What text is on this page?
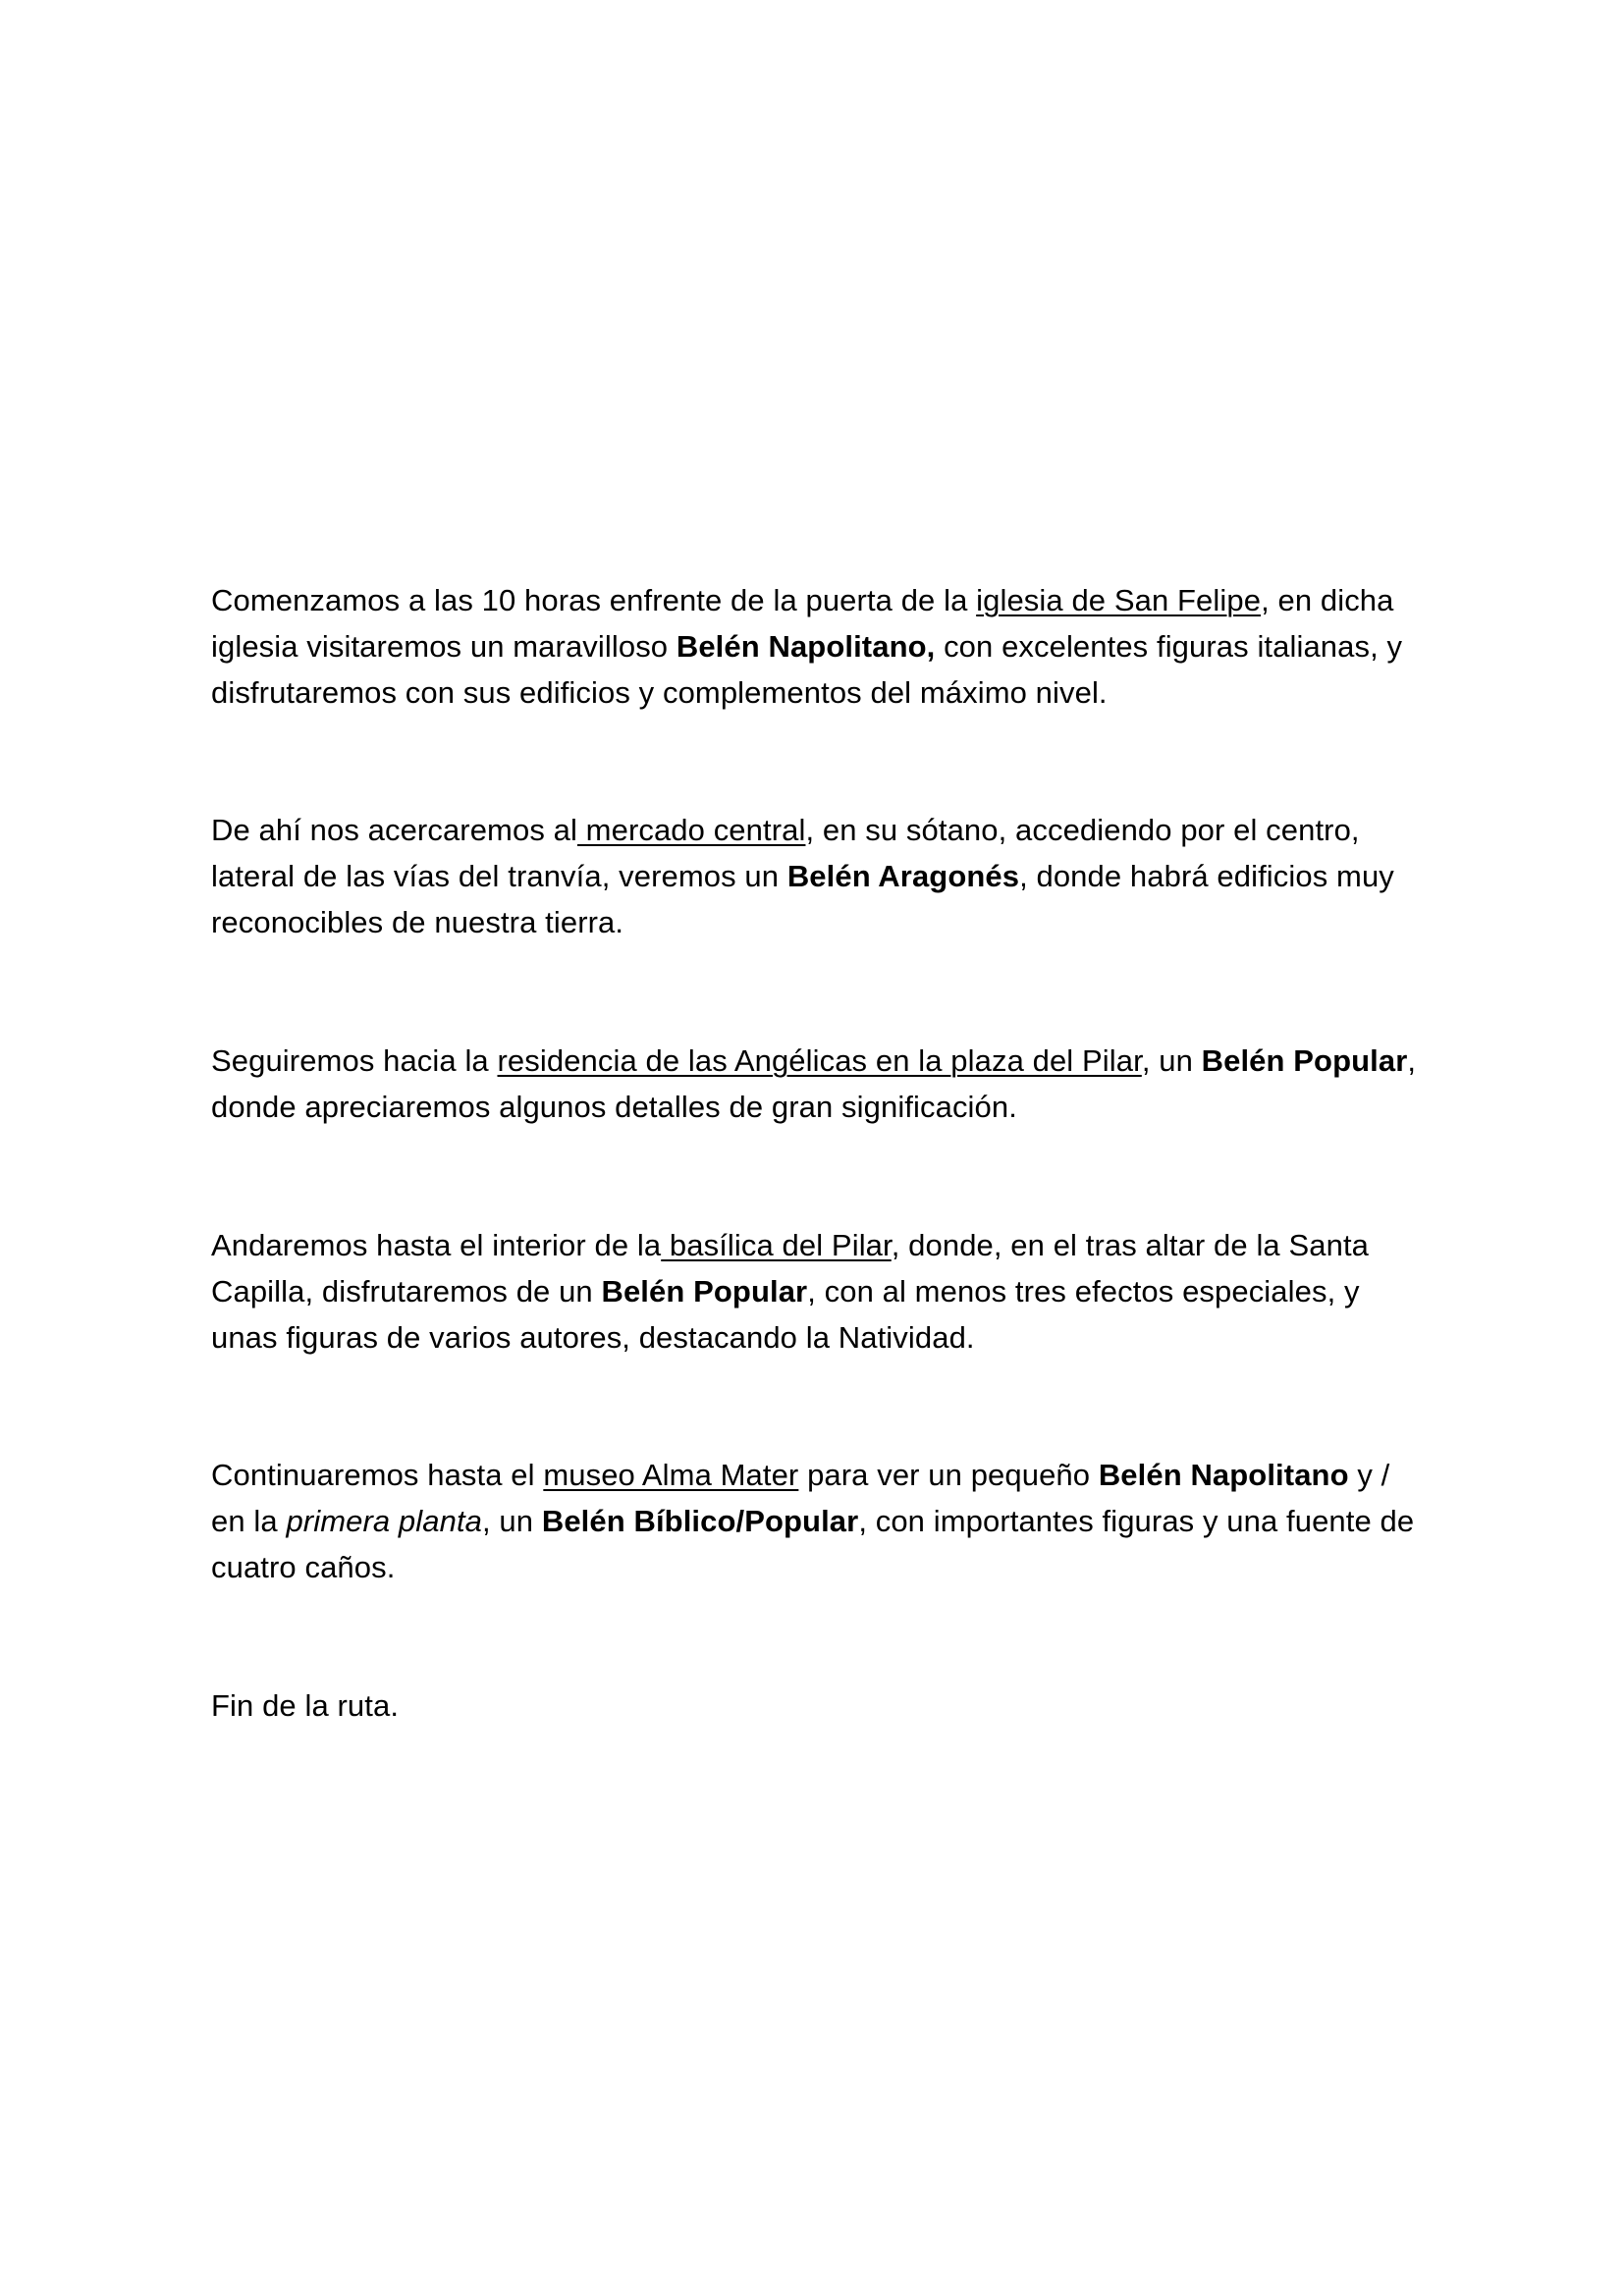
Comenzamos a las 10 horas enfrente de la puerta de la iglesia de San Felipe, en dicha iglesia visitaremos un maravilloso Belén Napolitano, con excelentes figuras italianas, y disfrutaremos con sus edificios y complementos del máximo nivel.

De ahí nos acercaremos al mercado central, en su sótano, accediendo por el centro, lateral de las vías del tranvía, veremos un Belén Aragonés, donde habrá edificios muy reconocibles de nuestra tierra.

Seguiremos hacia la residencia de las Angélicas en la plaza del Pilar, un Belén Popular, donde apreciaremos algunos detalles de gran significación.

Andaremos hasta el interior de la basílica del Pilar, donde, en el tras altar de la Santa Capilla, disfrutaremos de un Belén Popular, con al menos tres efectos especiales, y unas figuras de varios autores, destacando la Natividad.

Continuaremos hasta el museo Alma Mater para ver un pequeño Belén Napolitano y / en la primera planta, un Belén Bíblico/Popular, con importantes figuras y una fuente de cuatro caños.

Fin de la ruta.
